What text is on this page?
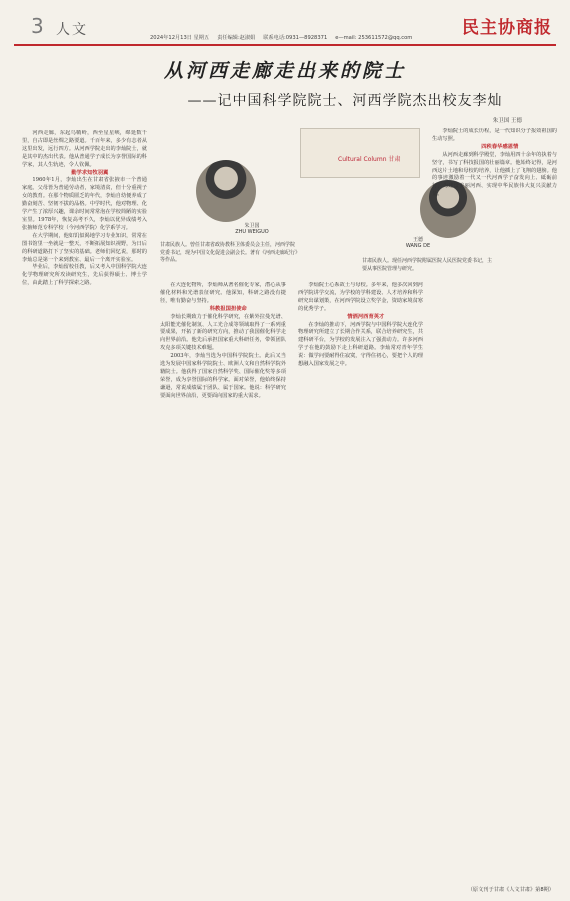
3 人文	民主协商报
2024年12月13日 星期五 责任编辑:赵淑娟 联系电话:0931—8928371 e—mail: 253611572@qq.com
从河西走廊走出来的院士
——记中国科学院院士、河西学院杰出校友李灿
朱卫国 王德
朱卫国
ZHU WEIGUO
甘肃民族人。曾任甘肃省政协教科卫体委员会主任，河西学院党委书记，现为中国文化促进会副会长。著有《河西走廊纪行》等作品。
Cultural Column 甘肃
王德
WANG DE
甘肃民族人。现任河西学院附属医院人民医院党委书记，主要从事医院管理与研究。

河西走廊，东起乌鞘岭，西至星星峡，绵延数千里，自古即是丝绸之路要道。千百年来，多少有志者从这里出发，远行四方。从河西学院走出的李灿院士，就是其中的杰出代表。他从普通学子成长为享誉国际的科学家，其人生轨迹，令人钦佩。

勤学求知牧羽翼

1960年1月，李灿出生在甘肃省张掖市一个普通家庭。父母皆为普通劳动者，家境清贫，但十分重视子女的教育。在那个物质匮乏的年代，李灿自幼便养成了勤奋刻苦、坚韧不拔的品格。中学时代，他对物理、化学产生了浓厚兴趣，课余时间常常泡在学校简陋的实验室里。1978年，恢复高考不久，李灿以优异成绩考入张掖师范专科学校（今河西学院）化学系学习。

在大学期间，他如饥似渴地学习专业知识，常常在图书馆里一坐就是一整天，不断拓展知识视野，为日后的科研道路打下了坚实的基础。老师们回忆说，那时的李灿总是第一个来到教室、最后一个离开实验室。

毕业后，李灿留校任教，后又考入中国科学院大连化学物理研究所攻读研究生，先后获得硕士、博士学位，由此踏上了科学探索之路。	在大连化物所，李灿师从著名催化专家，潜心从事催化材料和光谱表征研究。他深知，科研之路没有捷径，唯有勤奋与坚持。

科教报国担使命

李灿长期致力于催化科学研究，在紫外拉曼光谱、太阳能光催化制氢、人工光合成等领域取得了一系列重要成果，开拓了新的研究方向，推动了我国催化科学走向世界前沿。他先后承担国家重大科研任务，带领团队攻克多项关键技术难题。

2003年，李灿当选为中国科学院院士。此后又当选为发展中国家科学院院士、欧洲人文和自然科学院外籍院士。他获得了国家自然科学奖、国际催化奖等多项荣誉，成为享誉国际的科学家。面对荣誉，他始终保持谦逊，常说成绩属于团队、属于国家。他说：科学研究要面向世界前沿，更要面向国家的重大需求。

李灿院士心系故土与母校。多年来，他多次回到河西学院讲学交流，为学校的学科建设、人才培养和科学研究出谋划策，在河西学院设立奖学金，资助家境贫寒的优秀学子。

情洒河西育英才

在李灿的推动下，河西学院与中国科学院大连化学物理研究所建立了长期合作关系，联合培养研究生，共建科研平台，为学校的发展注入了强劲动力。许多河西学子在他的鼓励下走上科研道路。李灿常对青年学生说：做学问要耐得住寂寞，守得住初心，要把个人的理想融入国家发展之中。

李灿院士的成长历程，是一代知识分子报效祖国的生动写照。

四秩春华感恩情

从河西走廊到科学殿堂，李灿用四十余年的执着与坚守，书写了科技报国的壮丽篇章。他始终记得，是河西这片土地和母校的培养，让他插上了飞翔的翅膀。他的事迹激励着一代又一代河西学子奋发向上、砥砺前行，为建设美丽河西、实现中华民族伟大复兴贡献力量。

（原文刊于甘肃《人文甘肃》第8期）
